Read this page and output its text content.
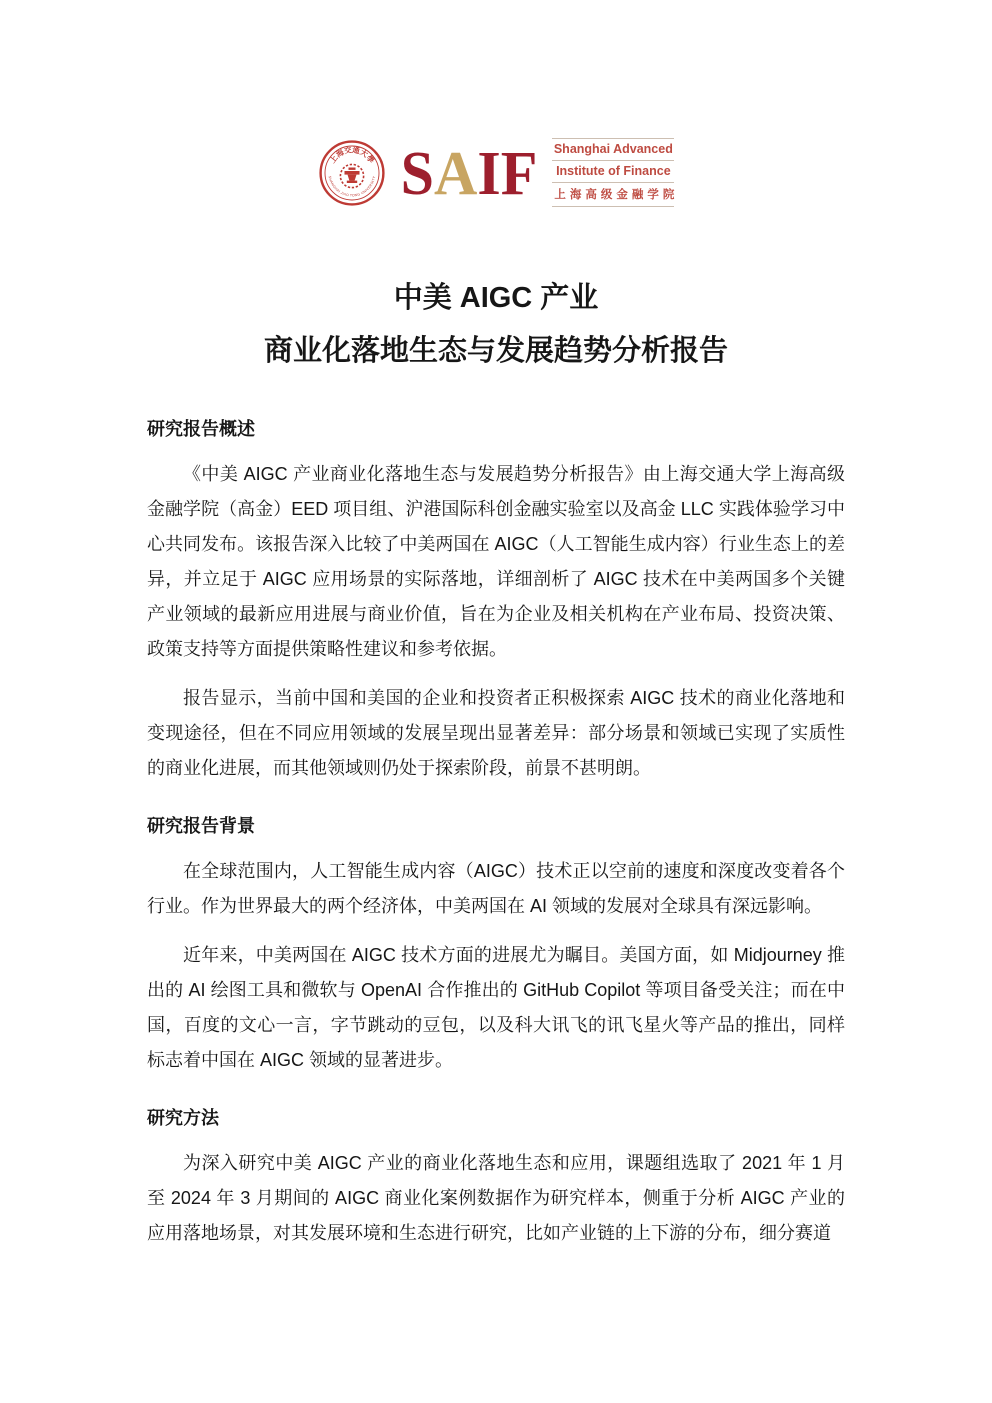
上海交通大學
SHANGHAI JIAO TONG UNIVERSITY S A I F Shanghai Advanced
Institute of Finance
上海高级金融学院
中美 AIGC 产业
商业化落地生态与发展趋势分析报告
研究报告概述

《中美 AIGC 产业商业化落地生态与发展趋势分析报告》由上海交通大学上海高级金融学院（高金）EED 项目组、沪港国际科创金融实验室以及高金 LLC 实践体验学习中心共同发布。该报告深入比较了中美两国在 AIGC（人工智能生成内容）行业生态上的差异，并立足于 AIGC 应用场景的实际落地，详细剖析了 AIGC 技术在中美两国多个关键产业领域的最新应用进展与商业价值，旨在为企业及相关机构在产业布局、投资决策、政策支持等方面提供策略性建议和参考依据。

报告显示，当前中国和美国的企业和投资者正积极探索 AIGC 技术的商业化落地和变现途径，但在不同应用领域的发展呈现出显著差异：部分场景和领域已实现了实质性的商业化进展，而其他领域则仍处于探索阶段，前景不甚明朗。

研究报告背景

在全球范围内，人工智能生成内容（AIGC）技术正以空前的速度和深度改变着各个行业。作为世界最大的两个经济体，中美两国在 AI 领域的发展对全球具有深远影响。

近年来，中美两国在 AIGC 技术方面的进展尤为瞩目。美国方面，如 Midjourney 推出的 AI 绘图工具和微软与 OpenAI 合作推出的 GitHub Copilot 等项目备受关注；而在中国，百度的文心一言，字节跳动的豆包，以及科大讯飞的讯飞星火等产品的推出，同样标志着中国在 AIGC 领域的显著进步。

研究方法

为深入研究中美 AIGC 产业的商业化落地生态和应用，课题组选取了 2021 年 1 月至 2024 年 3 月期间的 AIGC 商业化案例数据作为研究样本，侧重于分析 AIGC 产业的应用落地场景，对其发展环境和生态进行研究，比如产业链的上下游的分布，细分赛道
